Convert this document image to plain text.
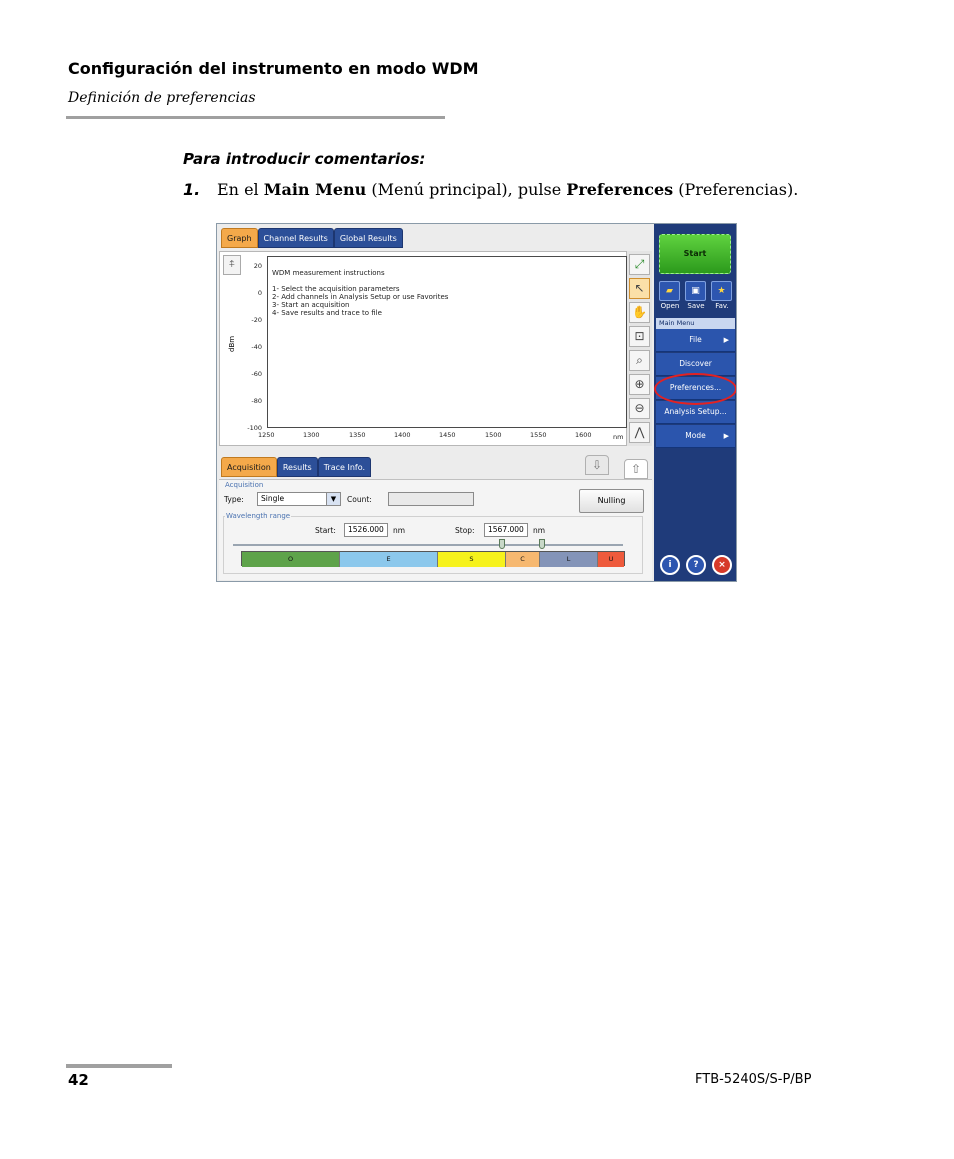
Configuración del instrumento en modo WDM
Definición de preferencias
Para introducir comentarios:
1. En el Main Menu (Menú principal), pulse Preferences (Preferencias).
Graph	Channel Results	Global Results
⍏
dBm
20
0
-20
-40
-60
-80
-100
WDM measurement instructions
1- Select the acquisition parameters
2- Add channels in Analysis Setup or use Favorites
3- Start an acquisition
4- Save results and trace to file
1250	1300	1350	1400	1450	1500	1550	1600	nm
⤢
↖
✋
⊡
⌕
⊕
⊖
⋀
Acquisition	Results	Trace Info.	⇩	⇧
Acquisition
Type:	Single	▼	Count:	Nulling
Wavelength range
Start:	1526.000	nm	Stop:	1567.000	nm
O	E	S	C	L	U
Start
▰	▣	★
Open	Save	Fav.
Main Menu
File	▶
Discover
Preferences...
Analysis Setup...
Mode	▶
i	?	×
42	FTB-5240S/S-P/BP
